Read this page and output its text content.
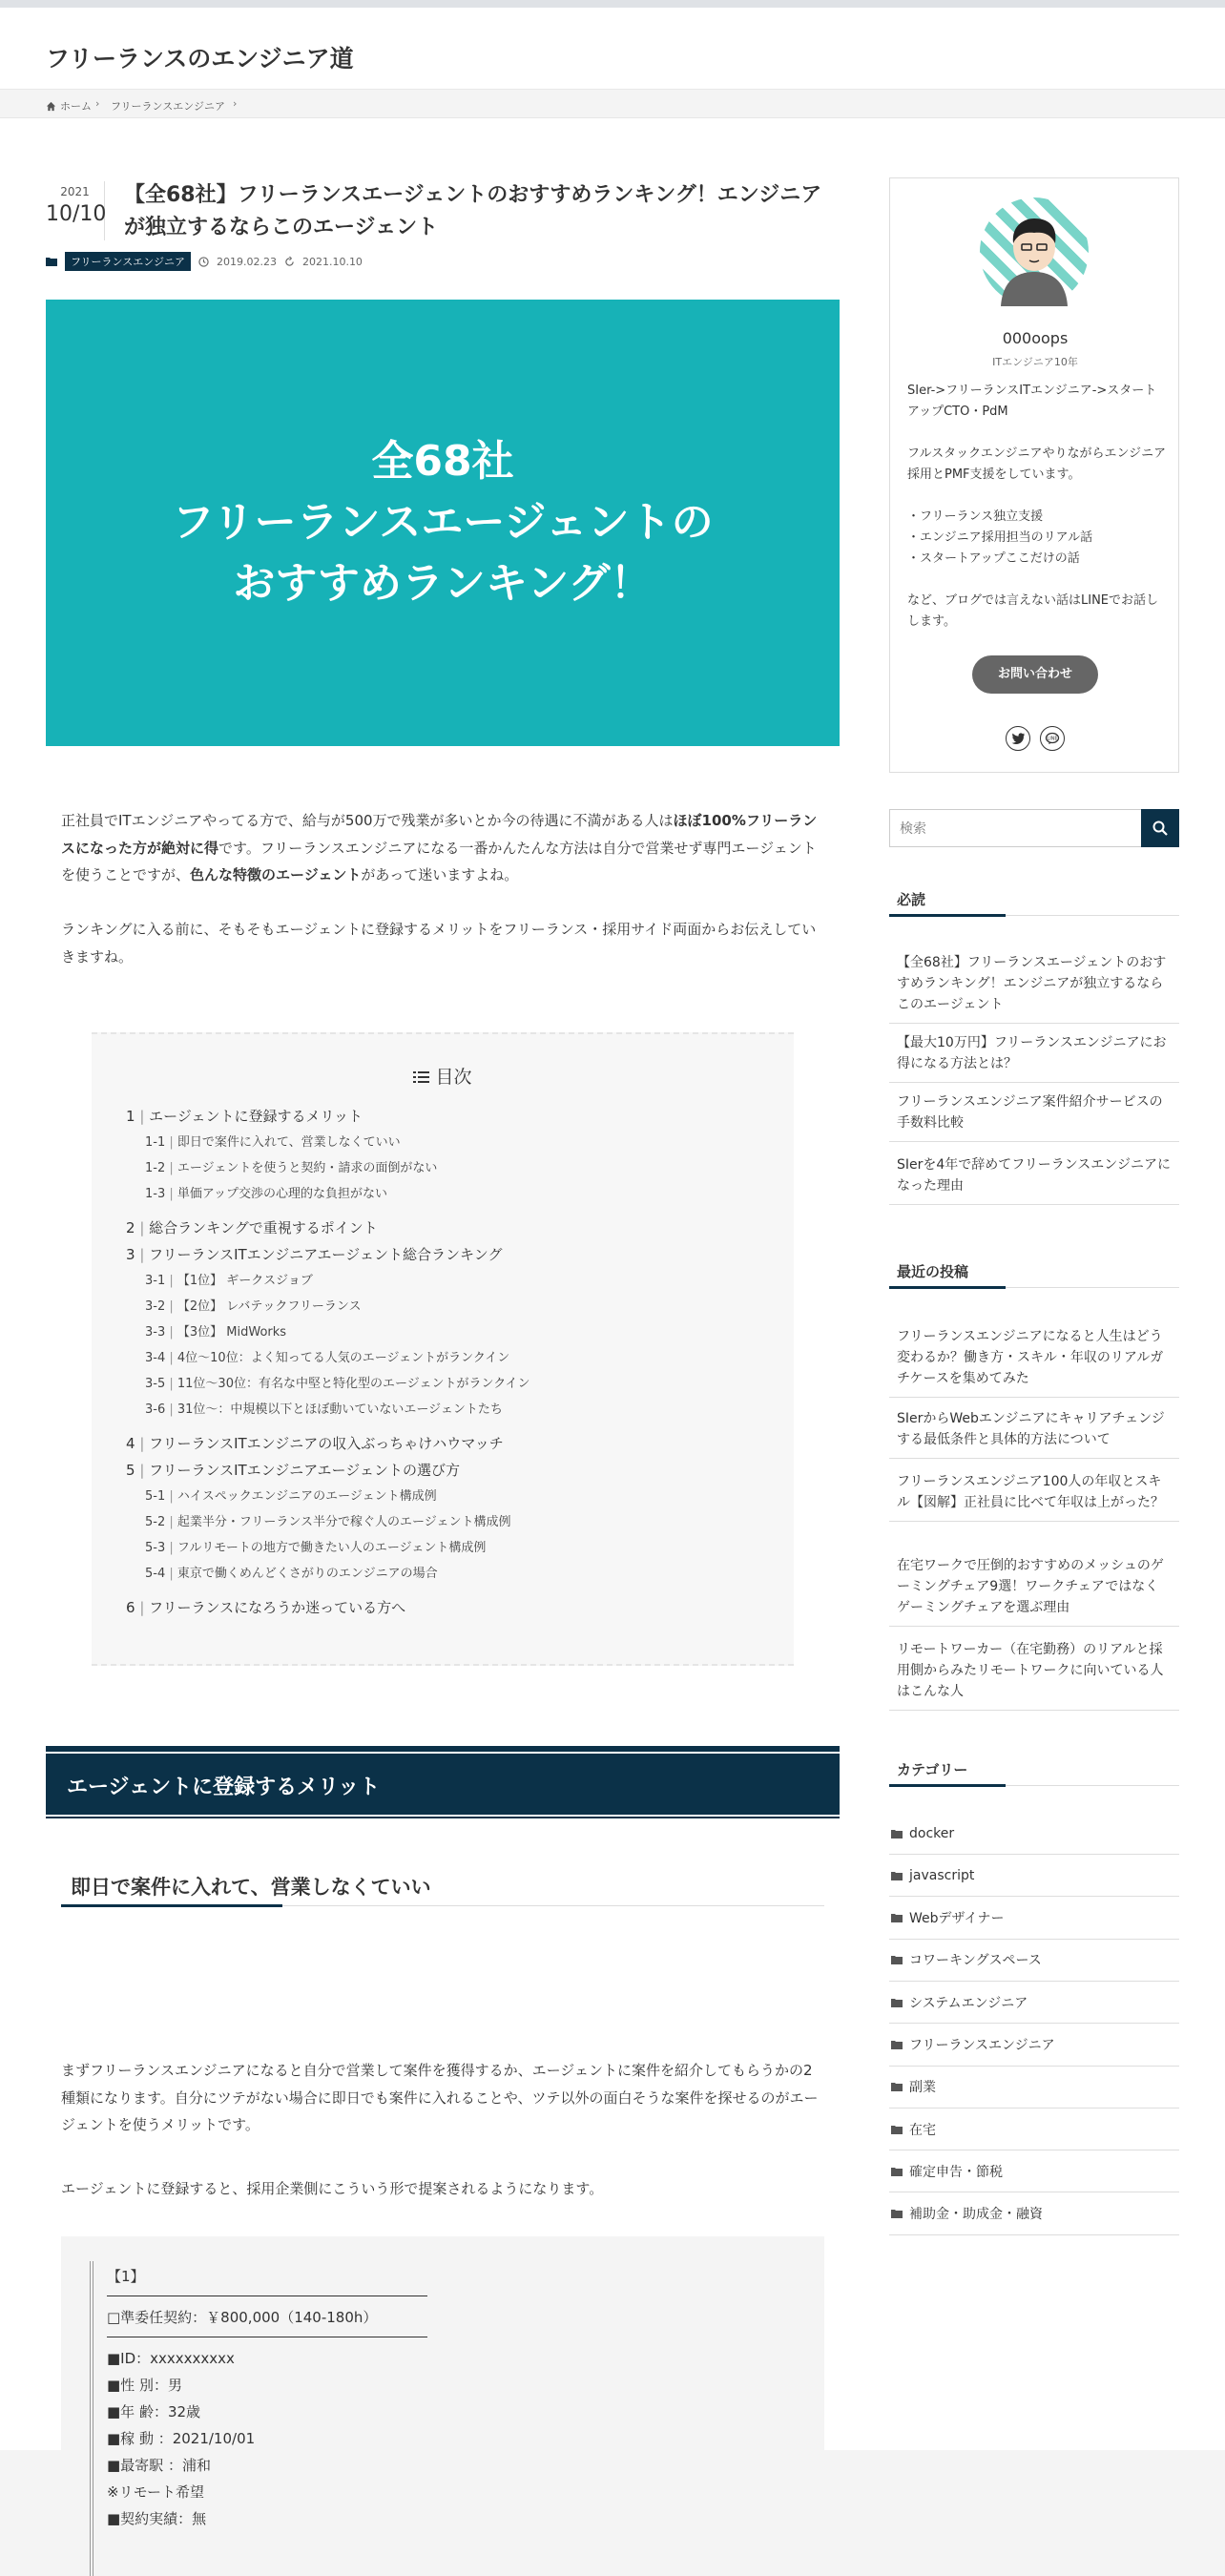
フリーランスのエンジニア道
ホーム › フリーランスエンジニア ›
2021
10/10
【全68社】フリーランスエージェントのおすすめランキング！エンジニアが独立するならこのエージェント
フリーランスエンジニア	2019.02.23 2021.10.10
全68社
フリーランスエージェントの
おすすめランキング！

正社員でITエンジニアやってる方で、給与が500万で残業が多いとか今の待遇に不満がある人はほぼ100%フリーランスになった方が絶対に得です。フリーランスエンジニアになる一番かんたんな方法は自分で営業せず専門エージェントを使うことですが、色んな特徴のエージェントがあって迷いますよね。

ランキングに入る前に、そもそもエージェントに登録するメリットをフリーランス・採用サイド両面からお伝えしていきますね。

目次
1 | エージェントに登録するメリット
1-1 | 即日で案件に入れて、営業しなくていい
1-2 | エージェントを使うと契約・請求の面倒がない
1-3 | 単価アップ交渉の心理的な負担がない
2 | 総合ランキングで重視するポイント
3 | フリーランスITエンジニアエージェント総合ランキング
3-1 | 【1位】 ギークスジョブ
3-2 | 【2位】 レバテックフリーランス
3-3 | 【3位】 MidWorks
3-4 | 4位〜10位：よく知ってる人気のエージェントがランクイン
3-5 | 11位〜30位：有名な中堅と特化型のエージェントがランクイン
3-6 | 31位〜：中規模以下とほぼ動いていないエージェントたち
4 | フリーランスITエンジニアの収入ぶっちゃけハウマッチ
5 | フリーランスITエンジニアエージェントの選び方
5-1 | ハイスペックエンジニアのエージェント構成例
5-2 | 起業半分・フリーランス半分で稼ぐ人のエージェント構成例
5-3 | フルリモートの地方で働きたい人のエージェント構成例
5-4 | 東京で働くめんどくさがりのエンジニアの場合
6 | フリーランスになろうか迷っている方へ
エージェントに登録するメリット
即日で案件に入れて、営業しなくていい

まずフリーランスエンジニアになると自分で営業して案件を獲得するか、エージェントに案件を紹介してもらうかの2種類になります。自分にツテがない場合に即日でも案件に入れることや、ツテ以外の面白そうな案件を探せるのがエージェントを使うメリットです。

エージェントに登録すると、採用企業側にこういう形で提案されるようになります。

【1】
□準委任契約：￥800,000（140-180h）
■ID：xxxxxxxxxx
■性 別：男
■年 齢：32歳
■稼 動 ：2021/10/01
■最寄駅 ：浦和
※リモート希望
■契約実績：無
000oops
ITエンジニア10年
SIer->フリーランスITエンジニア->スタートアップCTO・PdM
フルスタックエンジニアやりながらエンジニア採用とPMF支援をしています。
・フリーランス独立支援
・エンジニア採用担当のリアル話
・スタートアップここだけの話
など、ブログでは言えない話はLINEでお話しします。
お問い合わせ
LINE
検索
必読
【全68社】フリーランスエージェントのおすすめランキング！エンジニアが独立するならこのエージェント
【最大10万円】フリーランスエンジニアにお得になる方法とは？
フリーランスエンジニア案件紹介サービスの手数料比較
SIerを4年で辞めてフリーランスエンジニアになった理由
最近の投稿
フリーランスエンジニアになると人生はどう変わるか？働き方・スキル・年収のリアルガチケースを集めてみた
SIerからWebエンジニアにキャリアチェンジする最低条件と具体的方法について
フリーランスエンジニア100人の年収とスキル【図解】正社員に比べて年収は上がった？
在宅ワークで圧倒的おすすめのメッシュのゲーミングチェア9選！ワークチェアではなくゲーミングチェアを選ぶ理由
リモートワーカー（在宅勤務）のリアルと採用側からみたリモートワークに向いている人はこんな人
カテゴリー
docker
javascript
Webデザイナー
コワーキングスペース
システムエンジニア
フリーランスエンジニア
副業
在宅
確定申告・節税
補助金・助成金・融資
